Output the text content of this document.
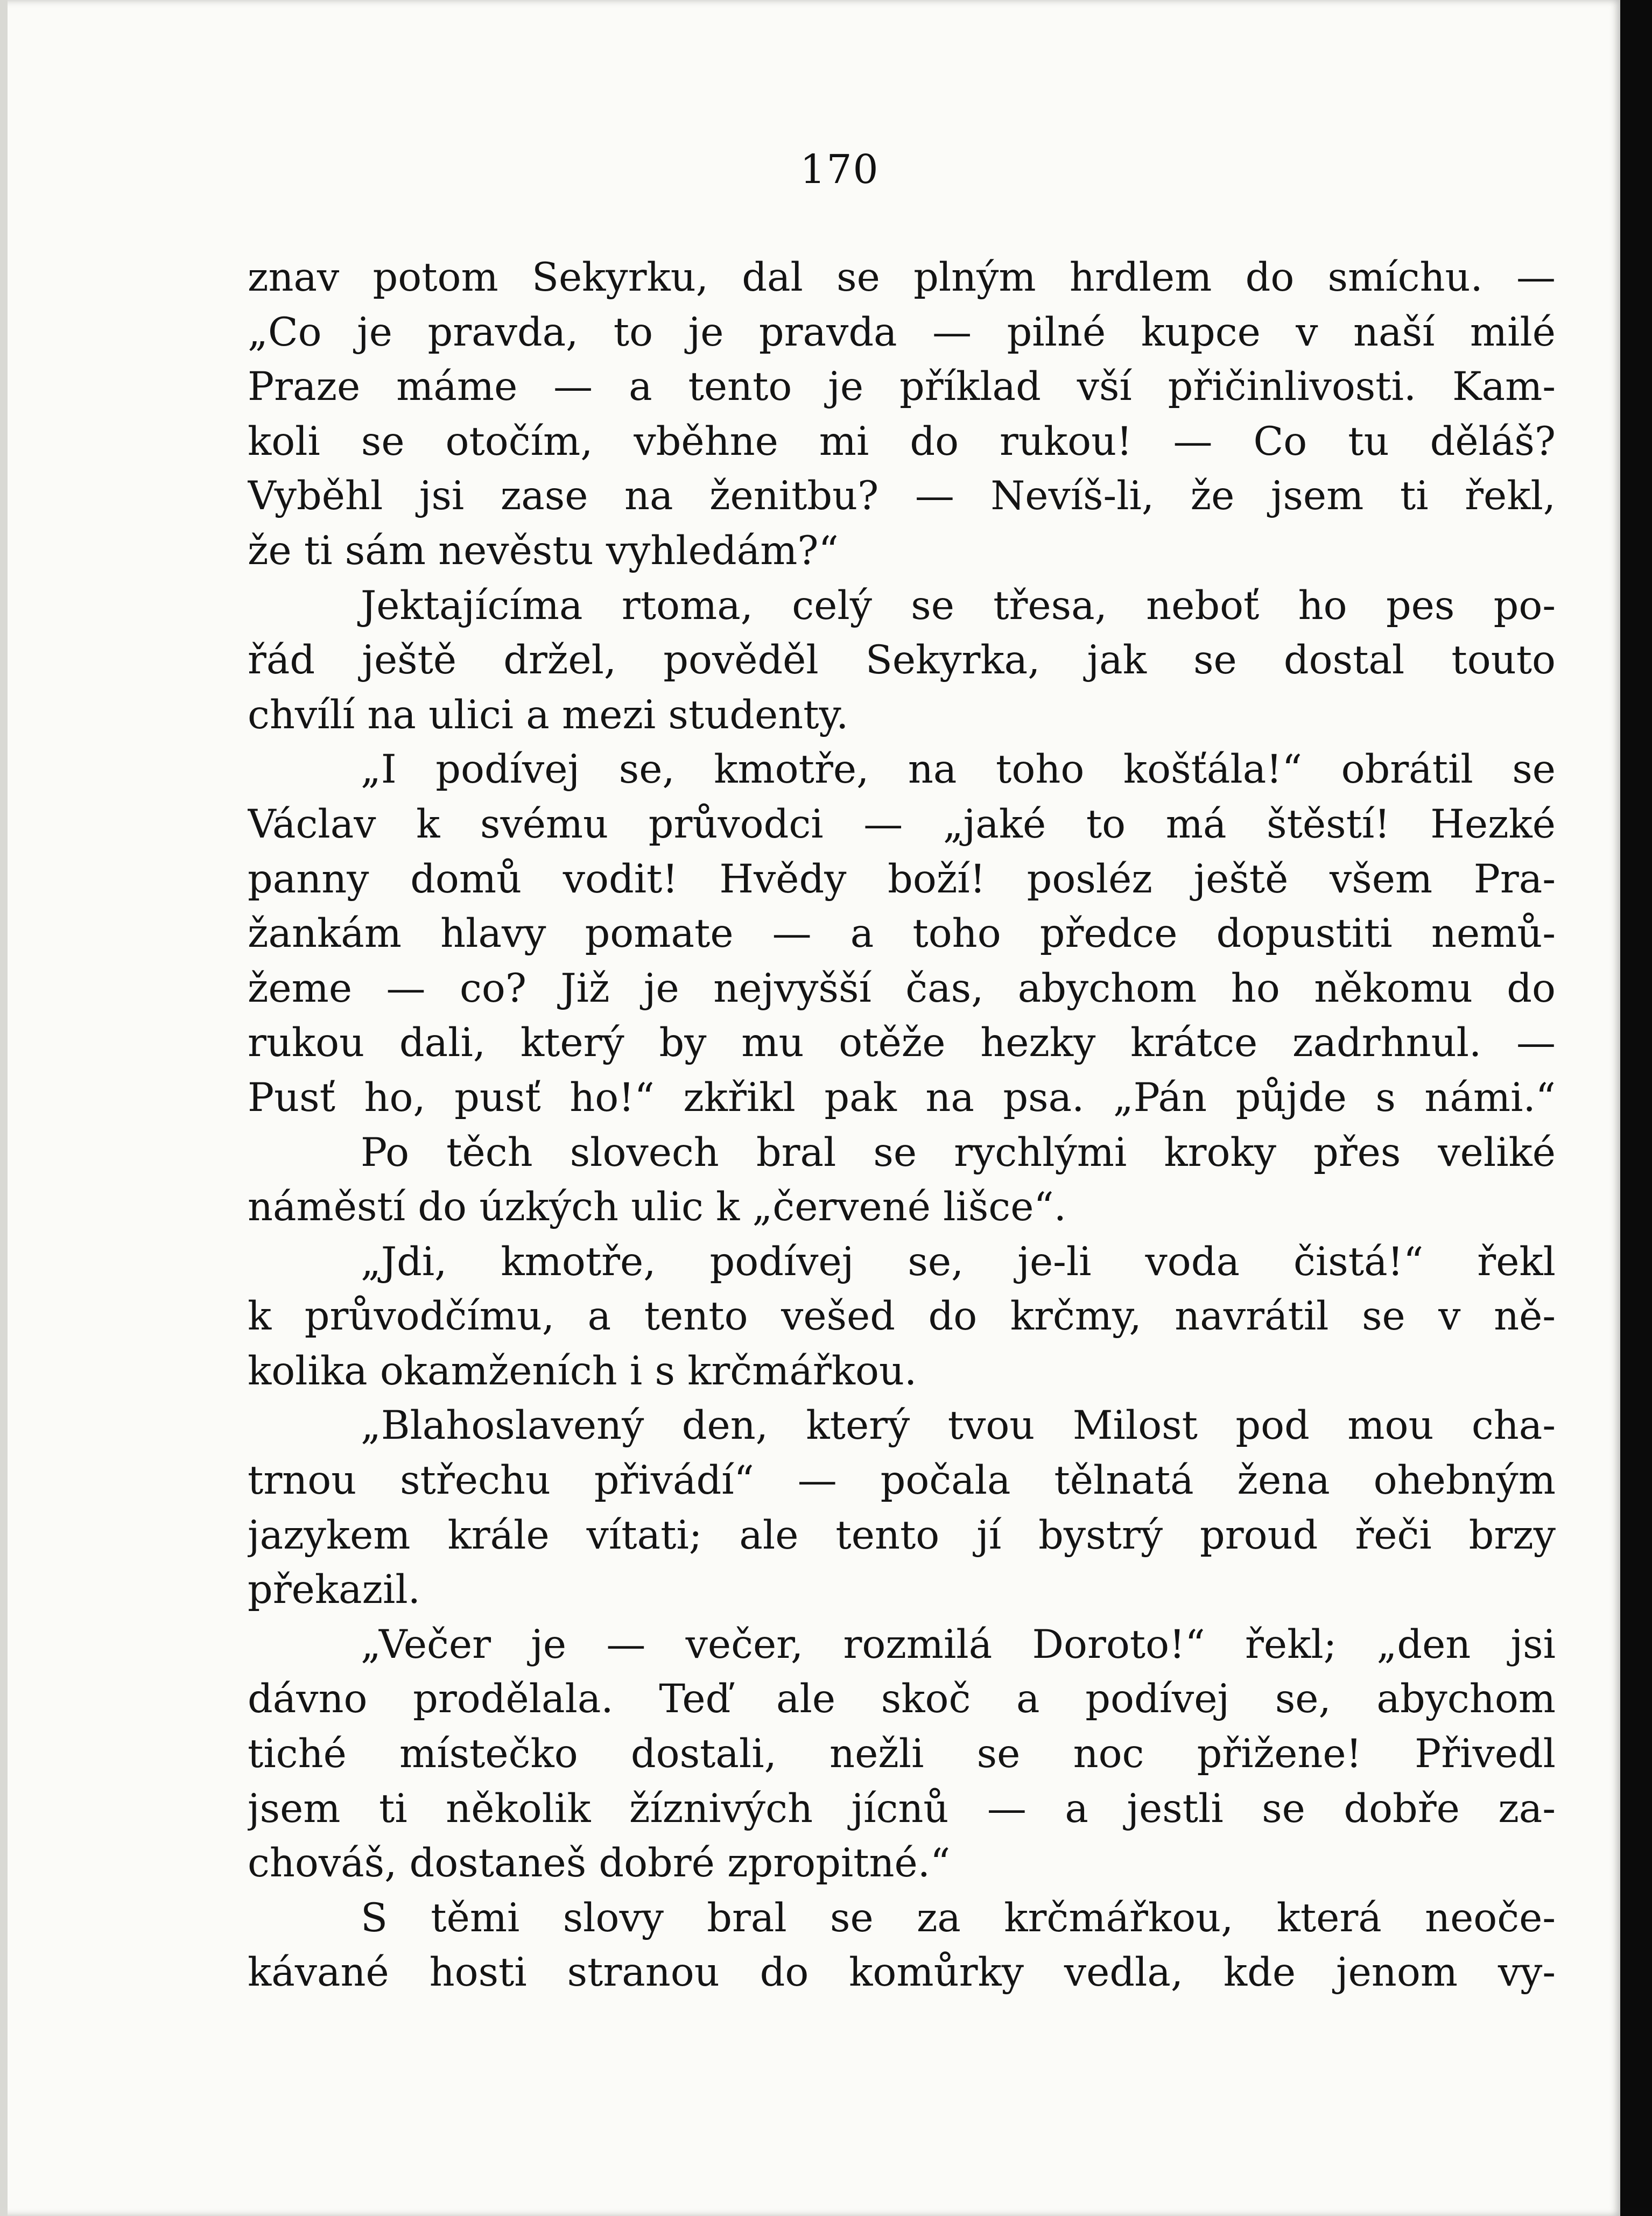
170
znav potom Sekyrku, dal se plným hrdlem do smíchu. —
„Co je pravda, to je pravda — pilné kupce v naší milé
Praze máme — a tento je příklad vší přičinlivosti. Kam-
koli se otočím, vběhne mi do rukou! — Co tu děláš?
Vyběhl jsi zase na ženitbu? — Nevíš-li, že jsem ti řekl,
že ti sám nevěstu vyhledám?“
Jektajícíma rtoma, celý se třesa, neboť ho pes po-
řád ještě držel, pověděl Sekyrka, jak se dostal touto
chvílí na ulici a mezi studenty.
„I podívej se, kmotře, na toho košťála!“ obrátil se
Václav k svému průvodci — „jaké to má štěstí! Hezké
panny domů vodit! Hvědy boží! posléz ještě všem Pra-
žankám hlavy pomate — a toho předce dopustiti nemů-
žeme — co? Již je nejvyšší čas, abychom ho někomu do
rukou dali, který by mu otěže hezky krátce zadrhnul. —
Pusť ho, pusť ho!“ zkřikl pak na psa. „Pán půjde s námi.“
Po těch slovech bral se rychlými kroky přes veliké
náměstí do úzkých ulic k „červené lišce“.
„Jdi, kmotře, podívej se, je-li voda čistá!“ řekl
k průvodčímu, a tento vešed do krčmy, navrátil se v ně-
kolika okamženích i s krčmářkou.
„Blahoslavený den, který tvou Milost pod mou cha-
trnou střechu přivádí“ — počala tělnatá žena ohebným
jazykem krále vítati; ale tento jí bystrý proud řeči brzy
překazil.
„Večer je — večer, rozmilá Doroto!“ řekl; „den jsi
dávno prodělala. Teď ale skoč a podívej se, abychom
tiché místečko dostali, nežli se noc přižene! Přivedl
jsem ti několik žíznivých jícnů — a jestli se dobře za-
chováš, dostaneš dobré zpropitné.“
S těmi slovy bral se za krčmářkou, která neoče-
kávané hosti stranou do komůrky vedla, kde jenom vy-
